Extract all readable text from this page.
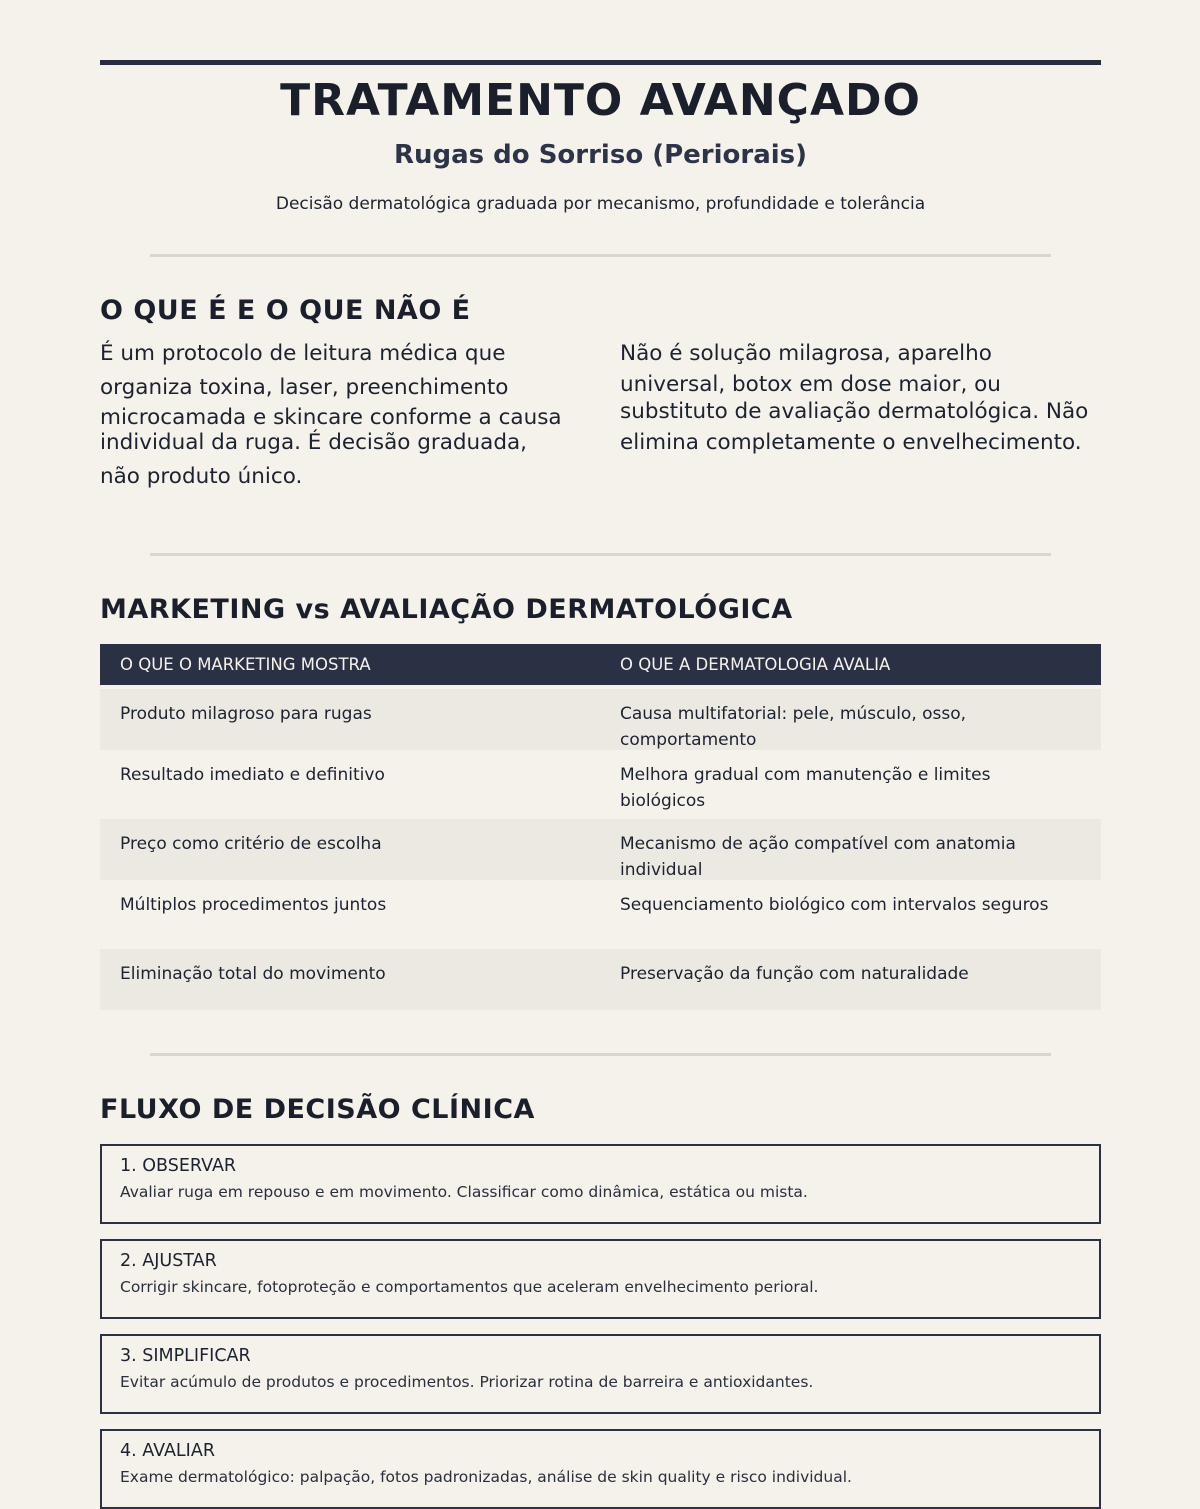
TRATAMENTO AVANÇADO
Rugas do Sorriso (Periorais)
Decisão dermatológica graduada por mecanismo, profundidade e tolerância
O QUE É E O QUE NÃO É
É um protocolo de leitura médica que
organiza toxina, laser, preenchimento
microcamada e skincare conforme a causa
individual da ruga. É decisão graduada,
não produto único.
Não é solução milagrosa, aparelho
universal, botox em dose maior, ou
substituto de avaliação dermatológica. Não
elimina completamente o envelhecimento.
MARKETING vs AVALIAÇÃO DERMATOLÓGICA
O QUE O MARKETING MOSTRA	O QUE A DERMATOLOGIA AVALIA
Produto milagroso para rugas	Causa multifatorial: pele, músculo, osso, comportamento
Resultado imediato e definitivo	Melhora gradual com manutenção e limites biológicos
Preço como critério de escolha	Mecanismo de ação compatível com anatomia individual
Múltiplos procedimentos juntos	Sequenciamento biológico com intervalos seguros
Eliminação total do movimento	Preservação da função com naturalidade
FLUXO DE DECISÃO CLÍNICA
1. OBSERVAR
Avaliar ruga em repouso e em movimento. Classificar como dinâmica, estática ou mista.
2. AJUSTAR
Corrigir skincare, fotoproteção e comportamentos que aceleram envelhecimento perioral.
3. SIMPLIFICAR
Evitar acúmulo de produtos e procedimentos. Priorizar rotina de barreira e antioxidantes.
4. AVALIAR
Exame dermatológico: palpação, fotos padronizadas, análise de skin quality e risco individual.
